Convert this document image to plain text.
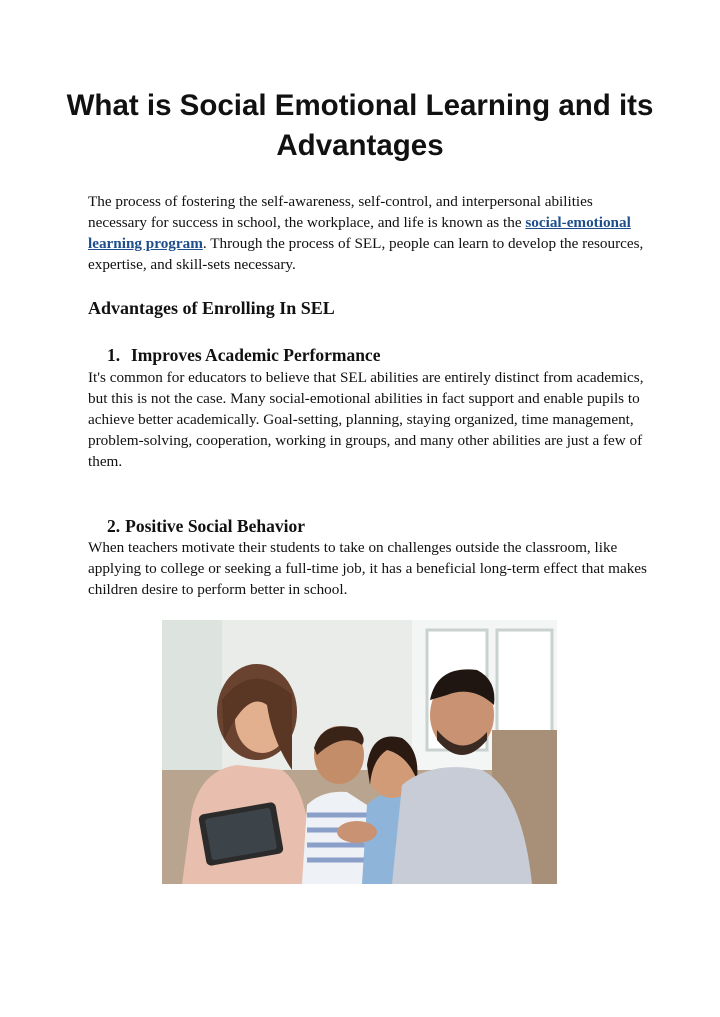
What is Social Emotional Learning and its Advantages

The process of fostering the self-awareness, self-control, and interpersonal abilities necessary for success in school, the workplace, and life is known as the social-emotional learning program. Through the process of SEL, people can learn to develop the resources, expertise, and skill-sets necessary.

Advantages of Enrolling In SEL
1. Improves Academic Performance

It's common for educators to believe that SEL abilities are entirely distinct from academics, but this is not the case. Many social-emotional abilities in fact support and enable pupils to achieve better academically. Goal-setting, planning, staying organized, time management, problem-solving, cooperation, working in groups, and many other abilities are just a few of them.

2. Positive Social Behavior

When teachers motivate their students to take on challenges outside the classroom, like applying to college or seeking a full-time job, it has a beneficial long-term effect that makes children desire to perform better in school.
